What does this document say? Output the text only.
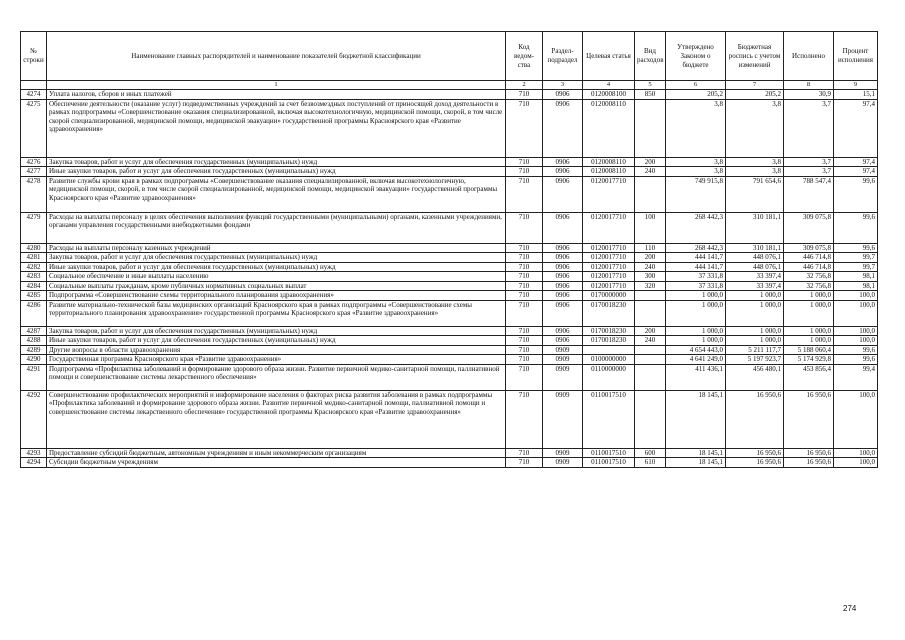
№ строки	Наименование главных распорядителей и наименование показателей бюджетной классификации	Код ведом- ства	Раздел- подраздел	Целевая статья	Вид расходов	Утверждено Законом о бюджете	Бюджетная роспись с учетом изменений	Исполнено	Процент исполнения
	1	2	3	4	5	6	7	8	9
4274	Уплата налогов, сборов и иных платежей	710	0906	0120008100	850	205,2	205,2	30,9	15,1
4275	Обеспечение деятельности (оказание услуг) подведомственных учреждений за счет безвозмездных поступлений от приносящей доход деятельности в рамках подпрограммы «Совершенствование оказания специализированной, включая высокотехнологичную, медицинской помощи, скорой, в том числе скорой специализированной, медицинской помощи, медицинской эвакуации» государственной программы Красноярского края «Развитие здравоохранения»	710	0906	0120008110		3,8	3,8	3,7	97,4
4276	Закупка товаров, работ и услуг для обеспечения государственных (муниципальных) нужд	710	0906	0120008110	200	3,8	3,8	3,7	97,4
4277	Иные закупки товаров, работ и услуг для обеспечения государственных (муниципальных) нужд	710	0906	0120008110	240	3,8	3,8	3,7	97,4
4278	Развитие службы крови края в рамках подпрограммы «Совершенствование оказания специализированной, включая высокотехнологичную, медицинской помощи, скорой, в том числе скорой специализированной, медицинской помощи, медицинской эвакуации» государственной программы Красноярского края «Развитие здравоохранения»	710	0906	0120017710		749 915,8	791 654,6	788 547,4	99,6
4279	Расходы на выплаты персоналу в целях обеспечения выполнения функций государственными (муниципальными) органами, казенными учреждениями, органами управления государственными внебюджетными фондами	710	0906	0120017710	100	268 442,3	310 181,1	309 075,8	99,6
4280	Расходы на выплаты персоналу казенных учреждений	710	0906	0120017710	110	268 442,3	310 181,1	309 075,8	99,6
4281	Закупка товаров, работ и услуг для обеспечения государственных (муниципальных) нужд	710	0906	0120017710	200	444 141,7	448 076,1	446 714,8	99,7
4282	Иные закупки товаров, работ и услуг для обеспечения государственных (муниципальных) нужд	710	0906	0120017710	240	444 141,7	448 076,1	446 714,8	99,7
4283	Социальное обеспечение и иные выплаты населению	710	0906	0120017710	300	37 331,8	33 397,4	32 756,8	98,1
4284	Социальные выплаты гражданам, кроме публичных нормативных социальных выплат	710	0906	0120017710	320	37 331,8	33 397,4	32 756,8	98,1
4285	Подпрограмма «Совершенствование схемы территориального планирования здравоохранения»	710	0906	0170000000		1 000,0	1 000,0	1 000,0	100,0
4286	Развитие материально-технической базы медицинских организаций Красноярского края в рамках подпрограммы «Совершенствование схемы территориального планирования здравоохранения» государственной программы Красноярского края «Развитие здравоохранения»	710	0906	0170018230		1 000,0	1 000,0	1 000,0	100,0
4287	Закупка товаров, работ и услуг для обеспечения государственных (муниципальных) нужд	710	0906	0170018230	200	1 000,0	1 000,0	1 000,0	100,0
4288	Иные закупки товаров, работ и услуг для обеспечения государственных (муниципальных) нужд	710	0906	0170018230	240	1 000,0	1 000,0	1 000,0	100,0
4289	Другие вопросы в области здравоохранения	710	0909			4 654 443,0	5 211 117,7	5 188 060,4	99,6
4290	Государственная программа Красноярского края «Развитие здравоохранения»	710	0909	0100000000		4 641 249,0	5 197 923,7	5 174 929,8	99,6
4291	Подпрограмма «Профилактика заболеваний и формирование здорового образа жизни. Развитие первичной медико-санитарной помощи, паллиативной помощи и совершенствование системы лекарственного обеспечения»	710	0909	0110000000		411 436,1	456 480,1	453 856,4	99,4
4292	Совершенствование профилактических мероприятий и информирование населения о факторах риска развития заболевания в рамках подпрограммы «Профилактика заболеваний и формирование здорового образа жизни. Развитие первичной медико-санитарной помощи, паллиативной помощи и совершенствование системы лекарственного обеспечения» государственной программы Красноярского края «Развитие здравоохранения»	710	0909	0110017510		18 145,1	16 950,6	16 950,6	100,0
4293	Предоставление субсидий бюджетным, автономным учреждениям и иным некоммерческим организациям	710	0909	0110017510	600	18 145,1	16 950,6	16 950,6	100,0
4294	Субсидии бюджетным учреждениям	710	0909	0110017510	610	18 145,1	16 950,6	16 950,6	100,0
274
